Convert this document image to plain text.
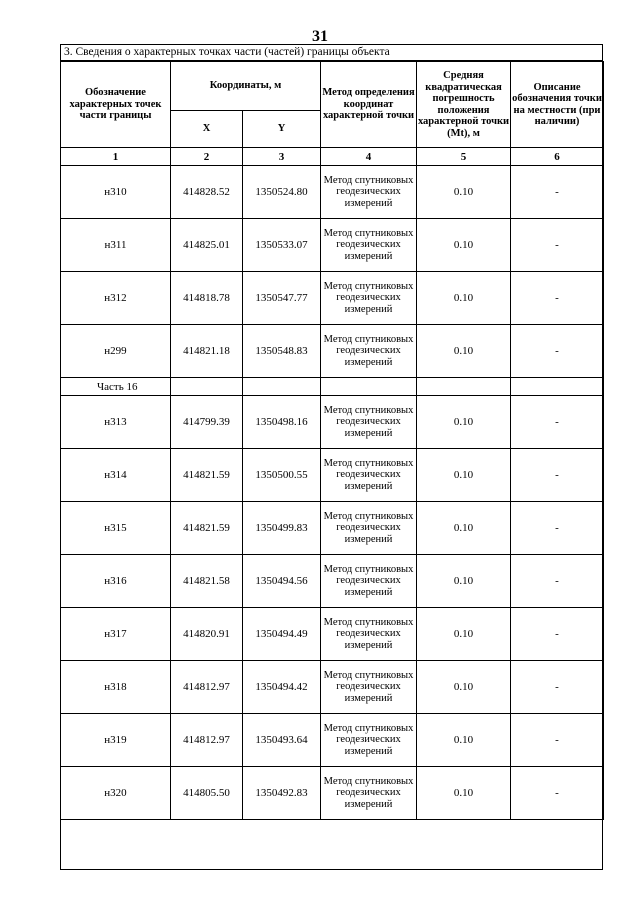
31
3. Сведения о характерных точках части (частей) границы объекта
Обозначение характерных точек части границы	Координаты, м		Метод определения координат характерной точки	Средняя квадратическая погрешность положения характерной точки (Mt), м	Описание обозначения точки на местности (при наличии)
	X	Y			
1	2	3	4	5	6
н310	414828.52	1350524.80	Метод спутниковых геодезических измерений	0.10	-
н311	414825.01	1350533.07	Метод спутниковых геодезических измерений	0.10	-
н312	414818.78	1350547.77	Метод спутниковых геодезических измерений	0.10	-
н299	414821.18	1350548.83	Метод спутниковых геодезических измерений	0.10	-
Часть 16					
н313	414799.39	1350498.16	Метод спутниковых геодезических измерений	0.10	-
н314	414821.59	1350500.55	Метод спутниковых геодезических измерений	0.10	-
н315	414821.59	1350499.83	Метод спутниковых геодезических измерений	0.10	-
н316	414821.58	1350494.56	Метод спутниковых геодезических измерений	0.10	-
н317	414820.91	1350494.49	Метод спутниковых геодезических измерений	0.10	-
н318	414812.97	1350494.42	Метод спутниковых геодезических измерений	0.10	-
н319	414812.97	1350493.64	Метод спутниковых геодезических измерений	0.10	-
н320	414805.50	1350492.83	Метод спутниковых геодезических измерений	0.10	-
